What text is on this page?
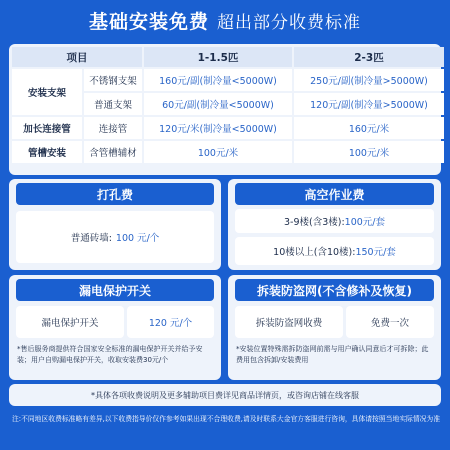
基础安装免费 超出部分收费标准
项目	1-1.5匹	2-3匹
安装支架
不锈钢支架	160元/副(制冷量<5000W)	250元/副(制冷量>5000W)
普通支架	60元/副(制冷量<5000W)	120元/副(制冷量>5000W)
加长连接管	连接管	120元/米(制冷量<5000W)	160元/米
管槽安装	含管槽辅材	100元/米	100元/米
打孔费
普通砖墙: 100 元/个
高空作业费
3-9楼(含3楼): 100元/套
10楼以上(含10楼): 150元/套
漏电保护开关
漏电保护开关	120 元/个
*售后服务商提供符合国家安全标准的漏电保护开关并给予安装；用户自购漏电保护开关，收取安装费30元/个
拆装防盗网(不含修补及恢复)
拆装防盗网收费	免费一次
*安装位置特殊需拆防盗网前需与用户确认同意后才可拆除；此费用包含拆卸/安装费用
*具体各项收费说明及更多辅助项目费详见商品详情页，或咨询店铺在线客服
注:不同地区收费标准略有差异,以下收费指导价仅作参考如果出现不合理收费,请及时联系大金官方客服进行咨询，具体请按照当地实际情况为准
